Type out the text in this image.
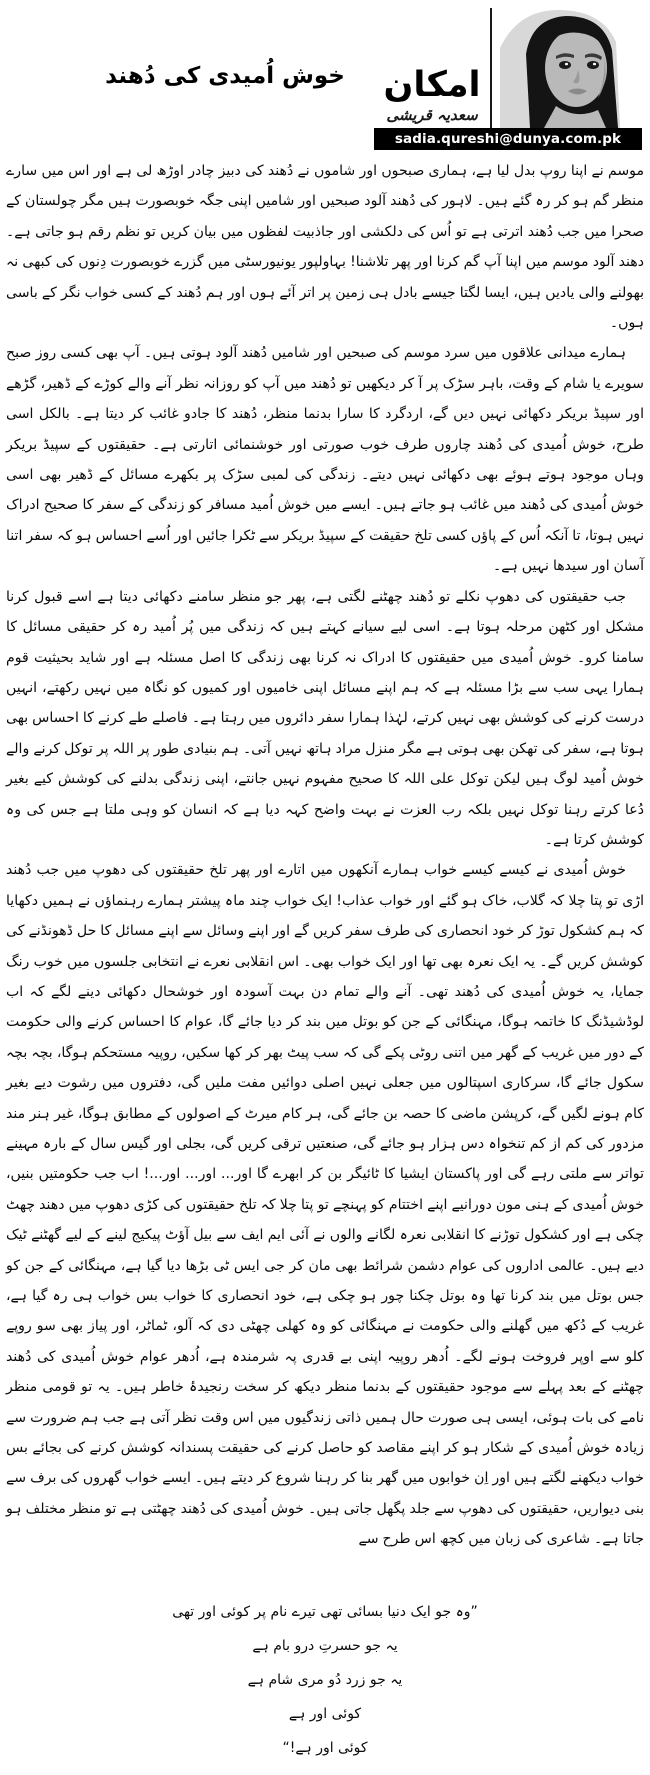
خوش اُمیدی کی دُھند امکان
سعدیہ قریشی
sadia.qureshi@dunya.com.pk

موسم نے اپنا روپ بدل لیا ہے، ہماری صبحوں اور شاموں نے دُھند کی دبیز چادر اوڑھ لی ہے اور اس میں سارے منظر گم ہو کر رہ گئے ہیں۔ لاہور کی دُھند آلود صبحیں اور شامیں اپنی جگہ خوبصورت ہیں مگر چولستان کے صحرا میں جب دُھند اترتی ہے تو اُس کی دلکشی اور جاذبیت لفظوں میں بیان کریں تو نظم رقم ہو جاتی ہے۔ دھند آلود موسم میں اپنا آپ گم کرنا اور پھر تلاشنا! بہاولپور یونیورسٹی میں گزرے خوبصورت دِنوں کی کبھی نہ بھولنے والی یادیں ہیں، ایسا لگتا جیسے بادل ہی زمین پر اتر آئے ہوں اور ہم دُھند کے کسی خواب نگر کے باسی ہوں۔

ہمارے میدانی علاقوں میں سرد موسم کی صبحیں اور شامیں دُھند آلود ہوتی ہیں۔ آپ بھی کسی روز صبح سویرے یا شام کے وقت، باہر سڑک پر آ کر دیکھیں تو دُھند میں آپ کو روزانہ نظر آنے والے کوڑے کے ڈھیر، گڑھے اور سپیڈ بریکر دکھائی نہیں دیں گے، اردگرد کا سارا بدنما منظر، دُھند کا جادو غائب کر دیتا ہے۔ بالکل اسی طرح، خوش اُمیدی کی دُھند چاروں طرف خوب صورتی اور خوشنمائی اتارتی ہے۔ حقیقتوں کے سپیڈ بریکر وہاں موجود ہوتے ہوئے بھی دکھائی نہیں دیتے۔ زندگی کی لمبی سڑک پر بکھرے مسائل کے ڈھیر بھی اسی خوش اُمیدی کی دُھند میں غائب ہو جاتے ہیں۔ ایسے میں خوش اُمید مسافر کو زندگی کے سفر کا صحیح ادراک نہیں ہوتا، تا آنکہ اُس کے پاؤں کسی تلخ حقیقت کے سپیڈ بریکر سے ٹکرا جائیں اور اُسے احساس ہو کہ سفر اتنا آسان اور سیدھا نہیں ہے۔

جب حقیقتوں کی دھوپ نکلے تو دُھند چھٹنے لگتی ہے، پھر جو منظر سامنے دکھائی دیتا ہے اسے قبول کرنا مشکل اور کٹھن مرحلہ ہوتا ہے۔ اسی لیے سیانے کہتے ہیں کہ زندگی میں پُر اُمید رہ کر حقیقی مسائل کا سامنا کرو۔ خوش اُمیدی میں حقیقتوں کا ادراک نہ کرنا بھی زندگی کا اصل مسئلہ ہے اور شاید بحیثیت قوم ہمارا یہی سب سے بڑا مسئلہ ہے کہ ہم اپنے مسائل اپنی خامیوں اور کمیوں کو نگاہ میں نہیں رکھتے، انہیں درست کرنے کی کوشش بھی نہیں کرتے، لہٰذا ہمارا سفر دائروں میں رہتا ہے۔ فاصلے طے کرنے کا احساس بھی ہوتا ہے، سفر کی تھکن بھی ہوتی ہے مگر منزل مراد ہاتھ نہیں آتی۔ ہم بنیادی طور پر اللہ پر توکل کرنے والے خوش اُمید لوگ ہیں لیکن توکل علی اللہ کا صحیح مفہوم نہیں جانتے، اپنی زندگی بدلنے کی کوشش کیے بغیر دُعا کرتے رہنا توکل نہیں بلکہ رب العزت نے بہت واضح کہہ دیا ہے کہ انسان کو وہی ملتا ہے جس کی وہ کوشش کرتا ہے۔

خوش اُمیدی نے کیسے کیسے خواب ہمارے آنکھوں میں اتارے اور پھر تلخ حقیقتوں کی دھوپ میں جب دُھند اڑی تو پتا چلا کہ گلاب، خاک ہو گئے اور خواب عذاب! ایک خواب چند ماہ پیشتر ہمارے رہنماؤں نے ہمیں دکھایا کہ ہم کشکول توڑ کر خود انحصاری کی طرف سفر کریں گے اور اپنے وسائل سے اپنے مسائل کا حل ڈھونڈنے کی کوشش کریں گے۔ یہ ایک نعرہ بھی تھا اور ایک خواب بھی۔ اس انقلابی نعرے نے انتخابی جلسوں میں خوب رنگ جمایا، یہ خوش اُمیدی کی دُھند تھی۔ آنے والے تمام دن بہت آسودہ اور خوشحال دکھائی دینے لگے کہ اب لوڈشیڈنگ کا خاتمہ ہوگا، مہنگائی کے جن کو بوتل میں بند کر دیا جائے گا، عوام کا احساس کرنے والی حکومت کے دور میں غریب کے گھر میں اتنی روٹی پکے گی کہ سب پیٹ بھر کر کھا سکیں، روپیہ مستحکم ہوگا، بچہ بچہ سکول جائے گا، سرکاری اسپتالوں میں جعلی نہیں اصلی دوائیں مفت ملیں گی، دفتروں میں رشوت دیے بغیر کام ہونے لگیں گے، کرپشن ماضی کا حصہ بن جائے گی، ہر کام میرٹ کے اصولوں کے مطابق ہوگا، غیر ہنر مند مزدور کی کم از کم تنخواہ دس ہزار ہو جائے گی، صنعتیں ترقی کریں گی، بجلی اور گیس سال کے بارہ مہینے تواتر سے ملتی رہے گی اور پاکستان ایشیا کا ٹائیگر بن کر ابھرے گا اور... اور... اور...! اب جب حکومتیں بنیں، خوش اُمیدی کے ہنی مون دورانیے اپنے اختتام کو پہنچے تو پتا چلا کہ تلخ حقیقتوں کی کڑی دھوپ میں دھند چھٹ چکی ہے اور کشکول توڑنے کا انقلابی نعرہ لگانے والوں نے آئی ایم ایف سے بیل آؤٹ پیکیج لینے کے لیے گھٹنے ٹیک دیے ہیں۔ عالمی اداروں کی عوام دشمن شرائط بھی مان کر جی ایس ٹی بڑھا دیا گیا ہے، مہنگائی کے جن کو جس بوتل میں بند کرنا تھا وہ بوتل چکنا چور ہو چکی ہے، خود انحصاری کا خواب بس خواب ہی رہ گیا ہے، غریب کے دُکھ میں گھلنے والی حکومت نے مہنگائی کو وہ کھلی چھٹی دی کہ آلو، ٹماٹر، اور پیاز بھی سو روپے کلو سے اوپر فروخت ہونے لگے۔ اُدھر روپیہ اپنی بے قدری پہ شرمندہ ہے، اُدھر عوام خوش اُمیدی کی دُھند چھٹنے کے بعد پہلے سے موجود حقیقتوں کے بدنما منظر دیکھ کر سخت رنجیدۂ خاطر ہیں۔ یہ تو قومی منظر نامے کی بات ہوئی، ایسی ہی صورت حال ہمیں ذاتی زندگیوں میں اس وقت نظر آتی ہے جب ہم ضرورت سے زیادہ خوش اُمیدی کے شکار ہو کر اپنے مقاصد کو حاصل کرنے کی حقیقت پسندانہ کوشش کرنے کی بجائے بس خواب دیکھنے لگتے ہیں اور اِن خوابوں میں گھر بنا کر رہنا شروع کر دیتے ہیں۔ ایسے خواب گھروں کی برف سے بنی دیواریں، حقیقتوں کی دھوپ سے جلد پگھل جاتی ہیں۔ خوش اُمیدی کی دُھند چھٹتی ہے تو منظر مختلف ہو جاتا ہے۔ شاعری کی زبان میں کچھ اس طرح سے

”وہ جو ایک دنیا بسائی تھی تیرے نام پر کوئی اور تھی
یہ جو حسرتِ درو بام ہے
یہ جو زرد دُو مری شام ہے
کوئی اور ہے
کوئی اور ہے!“
